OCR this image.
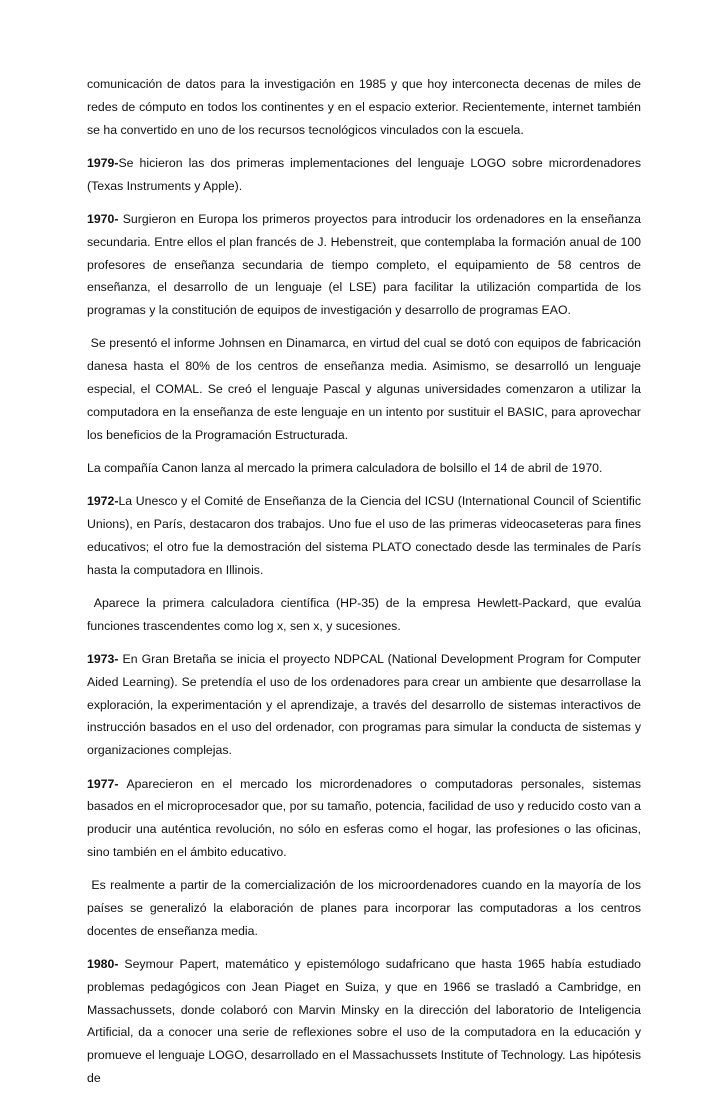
comunicación de datos para la investigación en 1985 y que hoy interconecta decenas de miles de redes de cómputo en todos los continentes y en el espacio exterior. Recientemente, internet también se ha convertido en uno de los recursos tecnológicos vinculados con la escuela.

1979-Se hicieron las dos primeras implementaciones del lenguaje LOGO sobre micrordenadores (Texas Instruments y Apple).

1970- Surgieron en Europa los primeros proyectos para introducir los ordenadores en la enseñanza secundaria. Entre ellos el plan francés de J. Hebenstreit, que contemplaba la formación anual de 100 profesores de enseñanza secundaria de tiempo completo, el equipamiento de 58 centros de enseñanza, el desarrollo de un lenguaje (el LSE) para facilitar la utilización compartida de los programas y la constitución de equipos de investigación y desarrollo de programas EAO.

Se presentó el informe Johnsen en Dinamarca, en virtud del cual se dotó con equipos de fabricación danesa hasta el 80% de los centros de enseñanza media. Asimismo, se desarrolló un lenguaje especial, el COMAL. Se creó el lenguaje Pascal y algunas universidades comenzaron a utilizar la computadora en la enseñanza de este lenguaje en un intento por sustituir el BASIC, para aprovechar los beneficios de la Programación Estructurada.

La compañía Canon lanza al mercado la primera calculadora de bolsillo el 14 de abril de 1970.

1972-La Unesco y el Comité de Enseñanza de la Ciencia del ICSU (International Council of Scientific Unions), en París, destacaron dos trabajos. Uno fue el uso de las primeras videocaseteras para fines educativos; el otro fue la demostración del sistema PLATO conectado desde las terminales de París hasta la computadora en Illinois.

Aparece la primera calculadora científica (HP-35) de la empresa Hewlett-Packard, que evalúa funciones trascendentes como log x, sen x, y sucesiones.

1973- En Gran Bretaña se inicia el proyecto NDPCAL (National Development Program for Computer Aided Learning). Se pretendía el uso de los ordenadores para crear un ambiente que desarrollase la exploración, la experimentación y el aprendizaje, a través del desarrollo de sistemas interactivos de instrucción basados en el uso del ordenador, con programas para simular la conducta de sistemas y organizaciones complejas.

1977- Aparecieron en el mercado los micrordenadores o computadoras personales, sistemas basados en el microprocesador que, por su tamaño, potencia, facilidad de uso y reducido costo van a producir una auténtica revolución, no sólo en esferas como el hogar, las profesiones o las oficinas, sino también en el ámbito educativo.

Es realmente a partir de la comercialización de los microordenadores cuando en la mayoría de los países se generalizó la elaboración de planes para incorporar las computadoras a los centros docentes de enseñanza media.

1980- Seymour Papert, matemático y epistemólogo sudafricano que hasta 1965 había estudiado problemas pedagógicos con Jean Piaget en Suiza, y que en 1966 se trasladó a Cambridge, en Massachussets, donde colaboró con Marvin Minsky en la dirección del laboratorio de Inteligencia Artificial, da a conocer una serie de reflexiones sobre el uso de la computadora en la educación y promueve el lenguaje LOGO, desarrollado en el Massachussets Institute of Technology. Las hipótesis de
